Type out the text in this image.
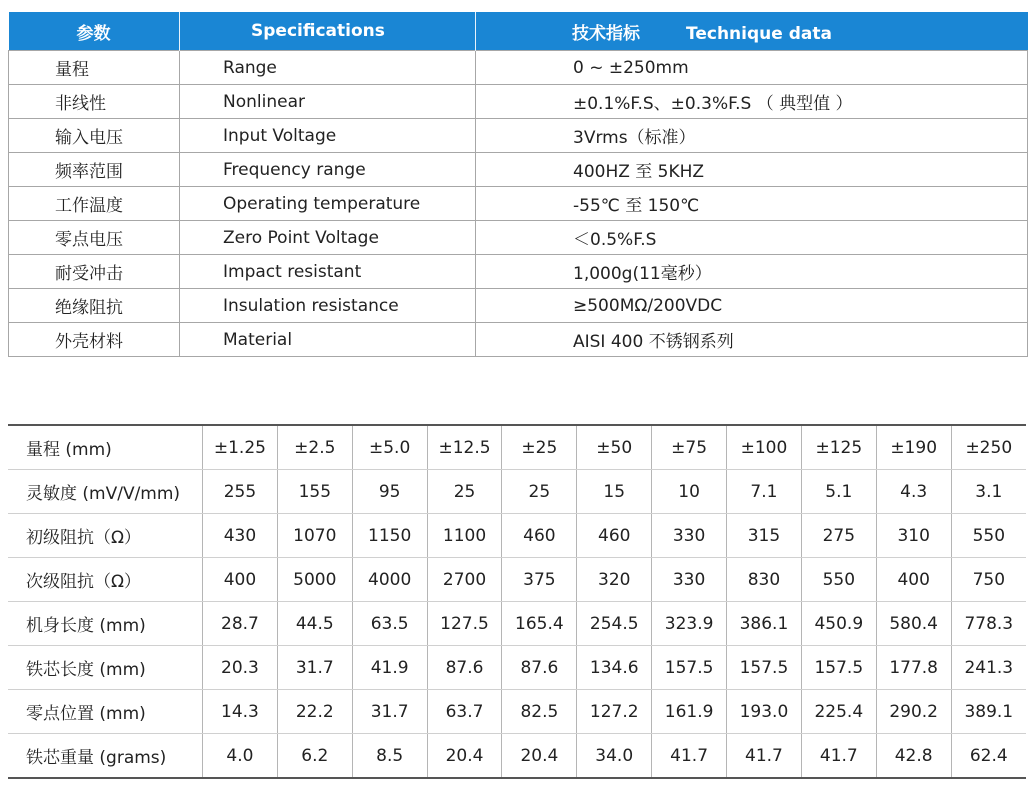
参数	Specifications	技术指标 Technique data
量程	Range	0 ~ ±250mm
非线性	Nonlinear	±0.1%F.S、±0.3%F.S （ 典型值 ）
输入电压	Input Voltage	3Vrms（标准）
频率范围	Frequency range	400HZ 至 5KHZ
工作温度	Operating temperature	-55℃ 至 150℃
零点电压	Zero Point Voltage	＜0.5%F.S
耐受冲击	Impact resistant	1,000g(11毫秒）
绝缘阻抗	Insulation resistance	≥500MΩ/200VDC
外壳材料	Material	AISI 400 不锈钢系列
量程 (mm)	±1.25	±2.5	±5.0	±12.5	±25	±50	±75	±100	±125	±190	±250
灵敏度 (mV/V/mm)	255	155	95	25	25	15	10	7.1	5.1	4.3	3.1
初级阻抗（Ω）	430	1070	1150	1100	460	460	330	315	275	310	550
次级阻抗（Ω）	400	5000	4000	2700	375	320	330	830	550	400	750
机身长度 (mm)	28.7	44.5	63.5	127.5	165.4	254.5	323.9	386.1	450.9	580.4	778.3
铁芯长度 (mm)	20.3	31.7	41.9	87.6	87.6	134.6	157.5	157.5	157.5	177.8	241.3
零点位置 (mm)	14.3	22.2	31.7	63.7	82.5	127.2	161.9	193.0	225.4	290.2	389.1
铁芯重量 (grams)	4.0	6.2	8.5	20.4	20.4	34.0	41.7	41.7	41.7	42.8	62.4
